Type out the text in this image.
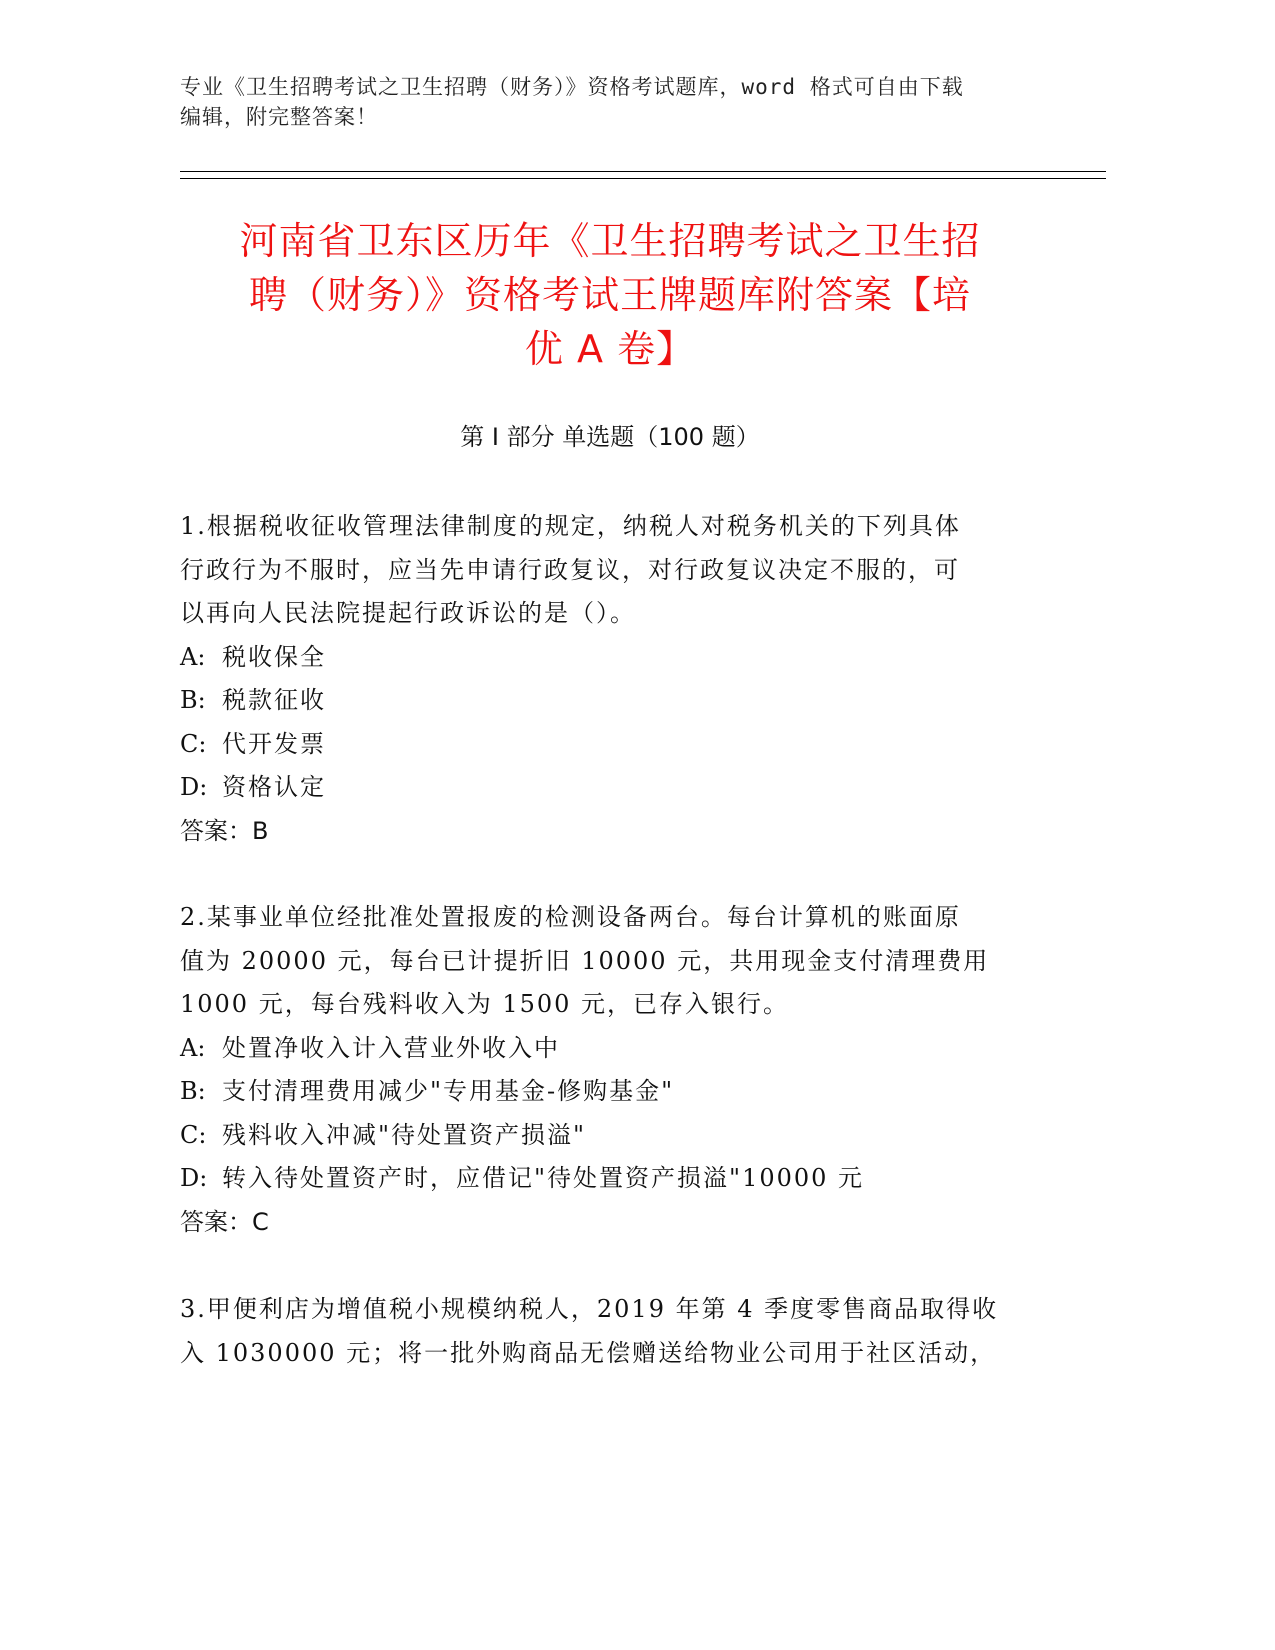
专业《卫生招聘考试之卫生招聘（财务）》资格考试题库，word 格式可自由下载
编辑，附完整答案！
河南省卫东区历年《卫生招聘考试之卫生招
聘（财务）》资格考试王牌题库附答案【培
优 A 卷】
第 I 部分 单选题（100 题）
1.根据税收征收管理法律制度的规定，纳税人对税务机关的下列具体
行政行为不服时，应当先申请行政复议，对行政复议决定不服的，可
以再向人民法院提起行政诉讼的是（）。
A: 税收保全
B: 税款征收
C: 代开发票
D: 资格认定
答案：B
2.某事业单位经批准处置报废的检测设备两台。每台计算机的账面原
值为 20000 元，每台已计提折旧 10000 元，共用现金支付清理费用
1000 元，每台残料收入为 1500 元，已存入银行。
A: 处置净收入计入营业外收入中
B: 支付清理费用减少"专用基金-修购基金"
C: 残料收入冲减"待处置资产损溢"
D: 转入待处置资产时，应借记"待处置资产损溢"10000 元
答案：C
3.甲便利店为增值税小规模纳税人，2019 年第 4 季度零售商品取得收
入 1030000 元；将一批外购商品无偿赠送给物业公司用于社区活动，
